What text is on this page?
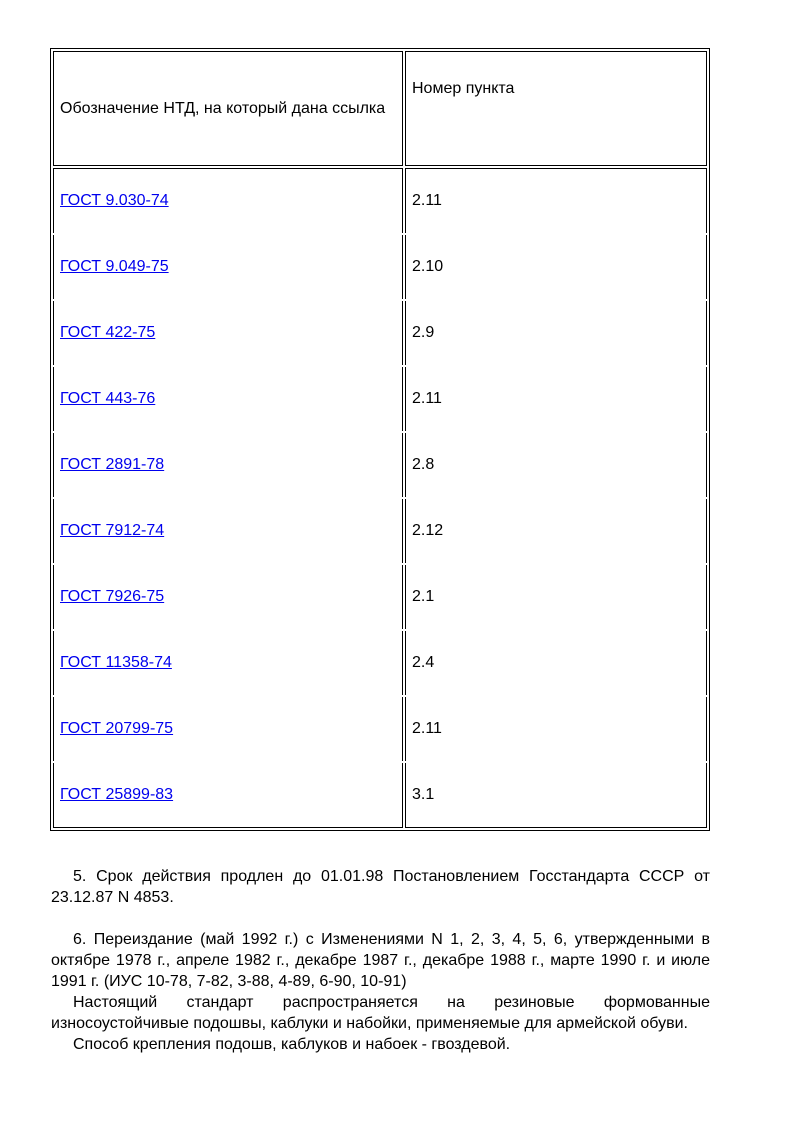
Обозначение НТД, на который дана ссылка	Номер пункта
ГОСТ 9.030-74	2.11
ГОСТ 9.049-75	2.10
ГОСТ 422-75	2.9
ГОСТ 443-76	2.11
ГОСТ 2891-78	2.8
ГОСТ 7912-74	2.12
ГОСТ 7926-75	2.1
ГОСТ 11358-74	2.4
ГОСТ 20799-75	2.11
ГОСТ 25899-83	3.1

5. Срок действия продлен до 01.01.98 Постановлением Госстандарта СССР от 23.12.87 N 4853.

6. Переиздание (май 1992 г.) с Изменениями N 1, 2, 3, 4, 5, 6, утвержденными в октябре 1978 г., апреле 1982 г., декабре 1987 г., декабре 1988 г., марте 1990 г. и июле 1991 г. (ИУС 10-78, 7-82, 3-88, 4-89, 6-90, 10-91)

Настоящий стандарт распространяется на резиновые формованные износоустойчивые подошвы, каблуки и набойки, применяемые для армейской обуви.

Способ крепления подошв, каблуков и набоек - гвоздевой.
